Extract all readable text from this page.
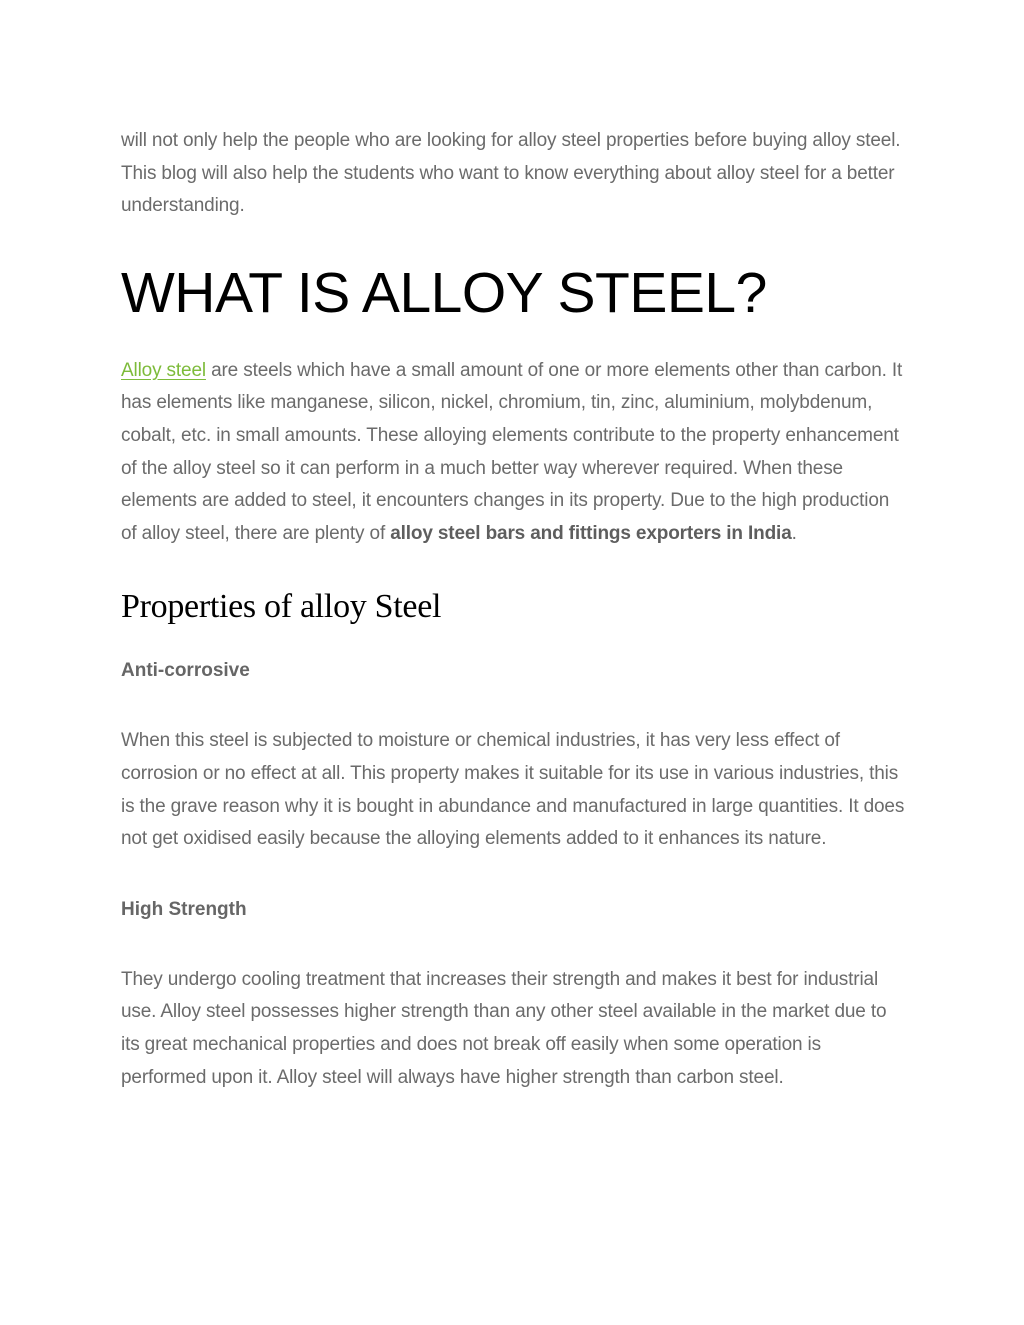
will not only help the people who are looking for alloy steel properties before buying alloy steel. This blog will also help the students who want to know everything about alloy steel for a better understanding.

WHAT IS ALLOY STEEL?

Alloy steel are steels which have a small amount of one or more elements other than carbon. It has elements like manganese, silicon, nickel, chromium, tin, zinc, aluminium, molybdenum, cobalt, etc. in small amounts. These alloying elements contribute to the property enhancement of the alloy steel so it can perform in a much better way wherever required. When these elements are added to steel, it encounters changes in its property. Due to the high production of alloy steel, there are plenty of alloy steel bars and fittings exporters in India.

Properties of alloy Steel
Anti-corrosive

When this steel is subjected to moisture or chemical industries, it has very less effect of corrosion or no effect at all. This property makes it suitable for its use in various industries, this is the grave reason why it is bought in abundance and manufactured in large quantities. It does not get oxidised easily because the alloying elements added to it enhances its nature.

High Strength

They undergo cooling treatment that increases their strength and makes it best for industrial use. Alloy steel possesses higher strength than any other steel available in the market due to its great mechanical properties and does not break off easily when some operation is performed upon it. Alloy steel will always have higher strength than carbon steel.
